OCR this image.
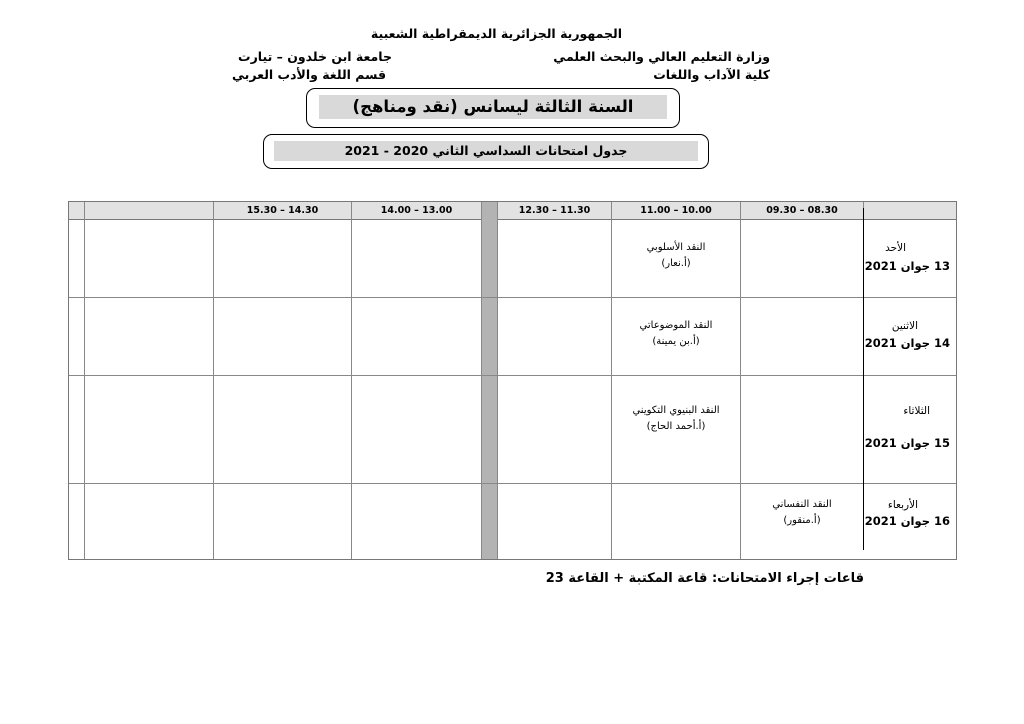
الجمهورية الجزائرية الديمقراطية الشعبية
وزارة التعليم العالي والبحث العلمي
كلية الآداب واللغات
جامعة ابن خلدون – تيارت
قسم اللغة والأدب العربي
السنة الثالثة ليسانس (نقد ومناهج)
جدول امتحانات السداسي الثاني 2020 - 2021
09.30 – 08.30
11.00 – 10.00
12.30 – 11.30
14.00 – 13.00
15.30 – 14.30
الأحد
13 جوان 2021
النقد الأسلوبي
(أ.نعار)
الاثنين
14 جوان 2021
النقد الموضوعاتي
(أ.بن يمينة)
الثلاثاء
15 جوان 2021
النقد البنيوي التكويني
(أ.أحمد الحاج)
الأربعاء
16 جوان 2021
النقد النفساني
(أ.منقور)
قاعات إجراء الامتحانات: قاعة المكتبة + القاعة 23
